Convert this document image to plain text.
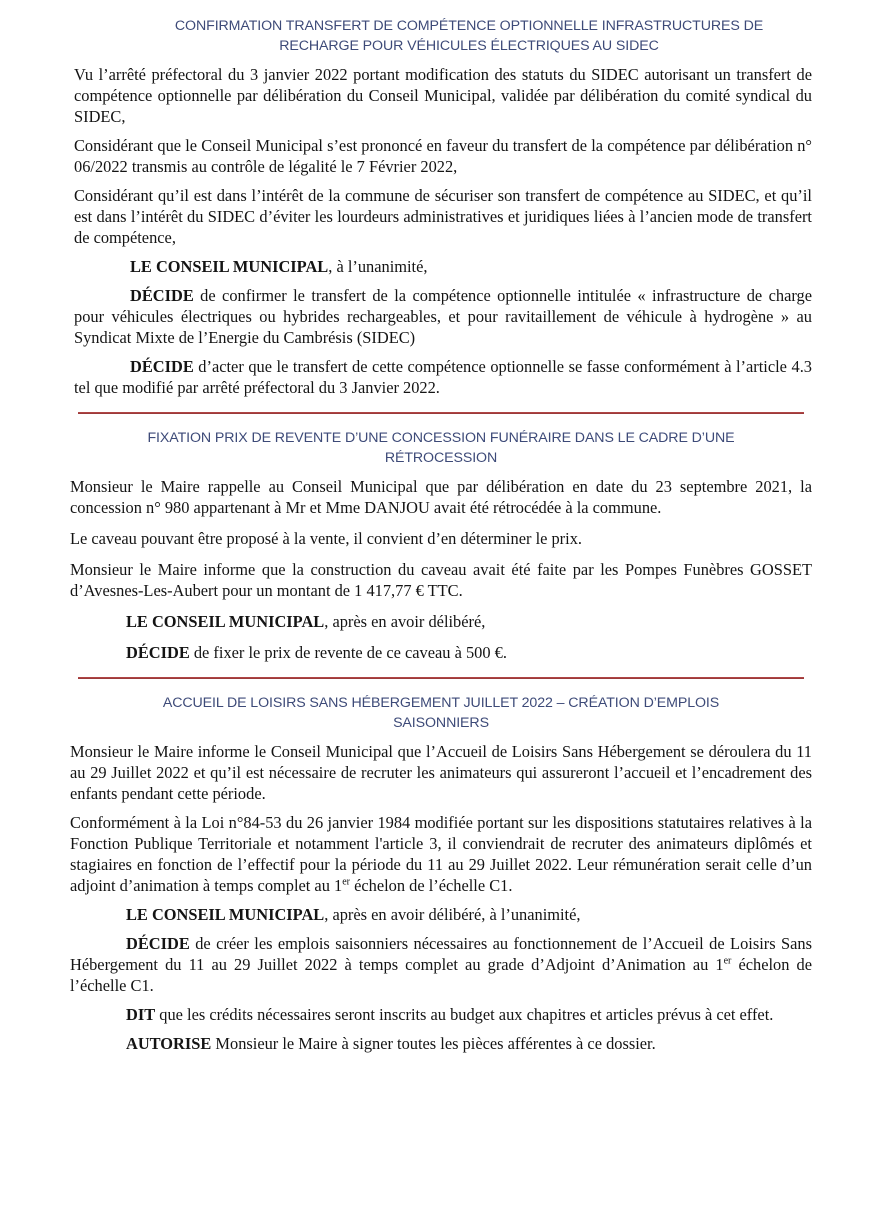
CONFIRMATION TRANSFERT DE COMPÉTENCE OPTIONNELLE INFRASTRUCTURES DE
RECHARGE POUR VÉHICULES ÉLECTRIQUES AU SIDEC

Vu l’arrêté préfectoral du 3 janvier 2022 portant modification des statuts du SIDEC autorisant un transfert de compétence optionnelle par délibération du Conseil Municipal, validée par délibération du comité syndical du SIDEC,

Considérant que le Conseil Municipal s’est prononcé en faveur du transfert de la compétence par délibération n° 06/2022 transmis au contrôle de légalité le 7 Février 2022,

Considérant qu’il est dans l’intérêt de la commune de sécuriser son transfert de compétence au SIDEC, et qu’il est dans l’intérêt du SIDEC d’éviter les lourdeurs administratives et juridiques liées à l’ancien mode de transfert de compétence,

LE CONSEIL MUNICIPAL, à l’unanimité,

DÉCIDE de confirmer le transfert de la compétence optionnelle intitulée « infrastructure de charge pour véhicules électriques ou hybrides rechargeables, et pour ravitaillement de véhicule à hydrogène » au Syndicat Mixte de l’Energie du Cambrésis (SIDEC)

DÉCIDE d’acter que le transfert de cette compétence optionnelle se fasse conformément à l’article 4.3 tel que modifié par arrêté préfectoral du 3 Janvier 2022.

FIXATION PRIX DE REVENTE D’UNE CONCESSION FUNÉRAIRE DANS LE CADRE D’UNE
RÉTROCESSION

Monsieur le Maire rappelle au Conseil Municipal que par délibération en date du 23 septembre 2021, la concession n° 980 appartenant à Mr et Mme DANJOU avait été rétrocédée à la commune.

Le caveau pouvant être proposé à la vente, il convient d’en déterminer le prix.

Monsieur le Maire informe que la construction du caveau avait été faite par les Pompes Funèbres GOSSET d’Avesnes-Les-Aubert pour un montant de 1 417,77 € TTC.

LE CONSEIL MUNICIPAL, après en avoir délibéré,

DÉCIDE de fixer le prix de revente de ce caveau à 500 €.

ACCUEIL DE LOISIRS SANS HÉBERGEMENT JUILLET 2022 – CRÉATION D’EMPLOIS
SAISONNIERS

Monsieur le Maire informe le Conseil Municipal que l’Accueil de Loisirs Sans Hébergement se déroulera du 11 au 29 Juillet 2022 et qu’il est nécessaire de recruter les animateurs qui assureront l’accueil et l’encadrement des enfants pendant cette période.

Conformément à la Loi n°84-53 du 26 janvier 1984 modifiée portant sur les dispositions statutaires relatives à la Fonction Publique Territoriale et notamment l'article 3, il conviendrait de recruter des animateurs diplômés et stagiaires en fonction de l’effectif pour la période du 11 au 29 Juillet 2022. Leur rémunération serait celle d’un adjoint d’animation à temps complet au 1er échelon de l’échelle C1.

LE CONSEIL MUNICIPAL, après en avoir délibéré, à l’unanimité,

DÉCIDE de créer les emplois saisonniers nécessaires au fonctionnement de l’Accueil de Loisirs Sans Hébergement du 11 au 29 Juillet 2022 à temps complet au grade d’Adjoint d’Animation au 1er échelon de l’échelle C1.

DIT que les crédits nécessaires seront inscrits au budget aux chapitres et articles prévus à cet effet.

AUTORISE Monsieur le Maire à signer toutes les pièces afférentes à ce dossier.
